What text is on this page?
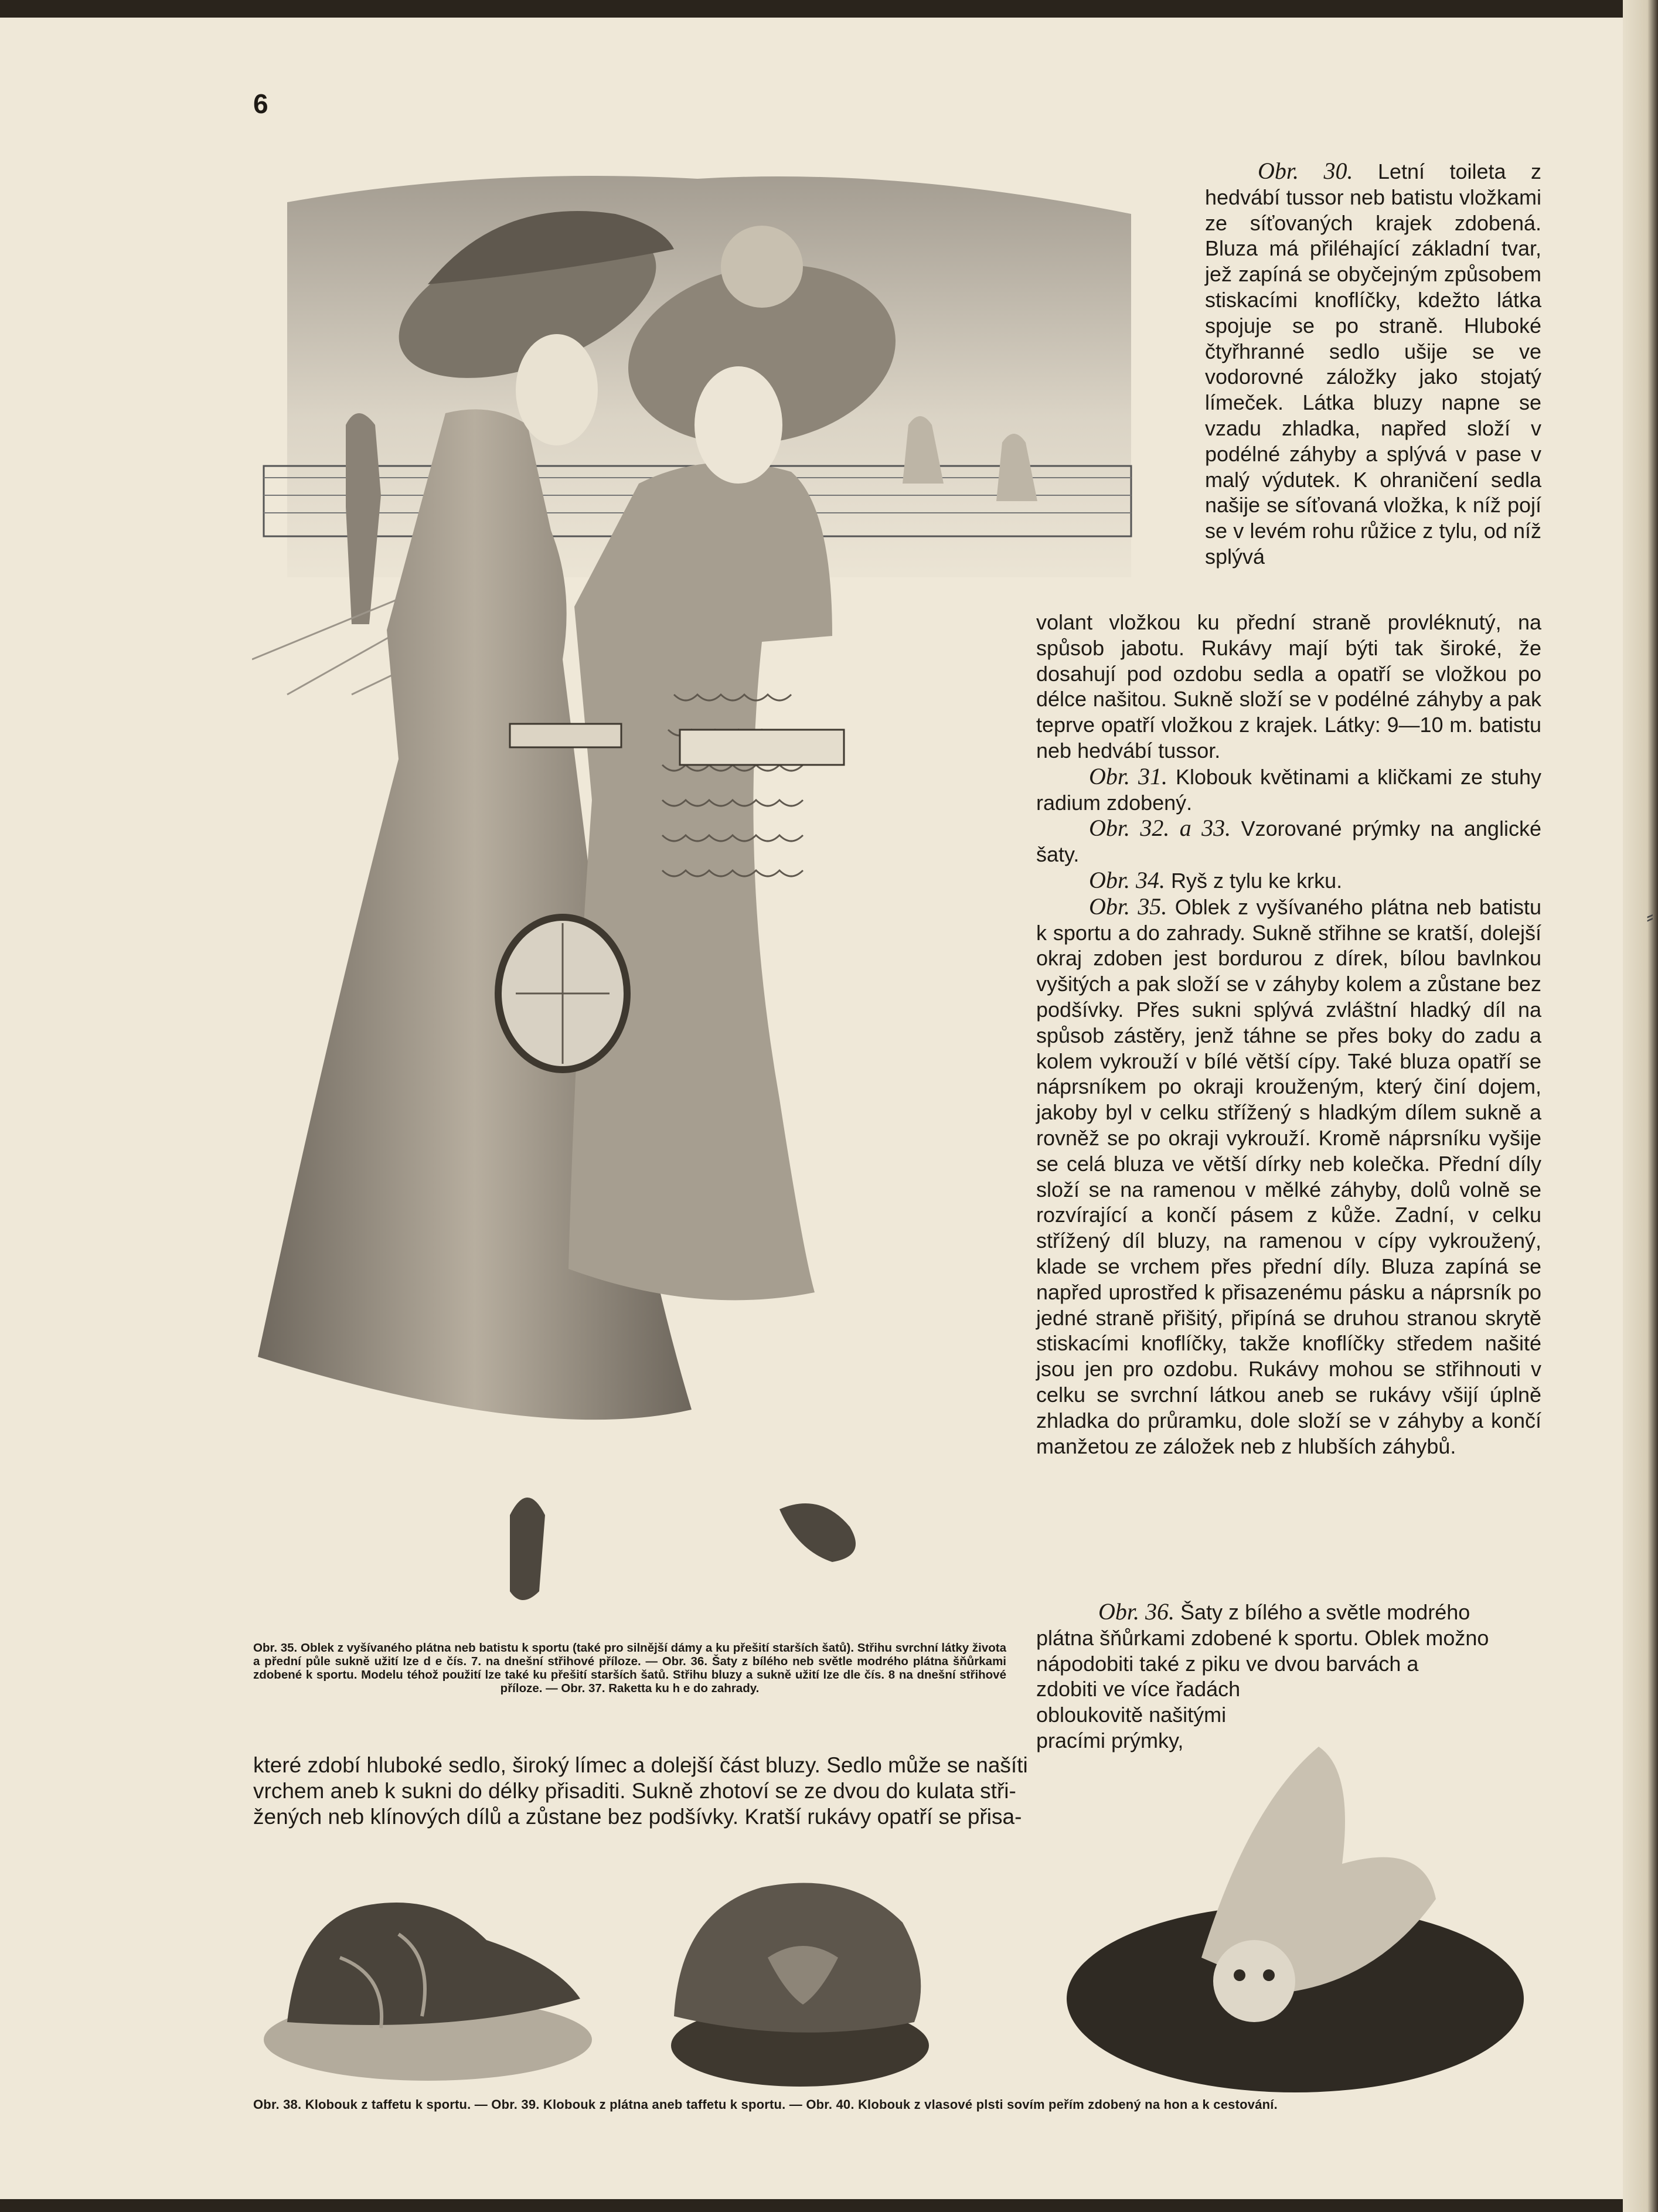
⸗
6

Obr. 30. Letní toileta z hedvábí tussor neb batistu vložkami ze síťovaných krajek zdobená. Bluza má přiléhající základní tvar, jež zapíná se obyčejným způsobem stiskacími knoflíčky, kdežto látka spojuje se po straně. Hluboké čtyřhranné sedlo ušije se ve vodorovné záložky jako stojatý límeček. Látka bluzy napne se vzadu zhladka, napřed složí v podélné záhyby a splývá v pase v malý výdutek. K ohraničení sedla našije se síťovaná vložka, k níž pojí se v levém rohu růžice z tylu, od níž splývá

volant vložkou ku přední straně provléknutý, na spůsob jabotu. Rukávy mají býti tak široké, že dosahují pod ozdobu sedla a opatří se vložkou po délce našitou. Sukně složí se v podélné záhyby a pak teprve opatří vložkou z krajek. Látky: 9—10 m. batistu neb hedvábí tussor.

Obr. 31. Klobouk květinami a kličkami ze stuhy radium zdobený.

Obr. 32. a 33. Vzorované prýmky na anglické šaty.

Obr. 34. Ryš z tylu ke krku.

Obr. 35. Oblek z vyšívaného plátna neb batistu k sportu a do zahrady. Sukně střihne se kratší, dolejší okraj zdoben jest bordurou z dírek, bílou bavlnkou vyšitých a pak složí se v záhyby kolem a zůstane bez podšívky. Přes sukni splývá zvláštní hladký díl na spůsob zástěry, jenž táhne se přes boky do zadu a kolem vykrouží v bílé větší cípy. Také bluza opatří se náprsníkem po okraji krouženým, který činí dojem, jakoby byl v celku střížený s hladkým dílem sukně a rovněž se po okraji vykrouží. Kromě náprsníku vyšije se celá bluza ve větší dírky neb kolečka. Přední díly složí se na ramenou v mělké záhyby, dolů volně se rozvírající a končí pásem z kůže. Zadní, v celku střížený díl bluzy, na ramenou v cípy vykroužený, klade se vrchem přes přední díly. Bluza zapíná se napřed uprostřed k přisazenému pásku a náprsník po jedné straně přišitý, připíná se druhou stranou skrytě stiskacími knoflíčky, takže knoflíčky středem našité jsou jen pro ozdobu. Rukávy mohou se střihnouti v celku se svrchní látkou aneb se rukávy všijí úplně zhladka do průramku, dole složí se v záhyby a končí manžetou ze záložek neb z hlubších záhybů.

Obr. 36. Šaty z bílého a světle modrého
plátna šňůrkami zdobené k sportu. Oblek možno
nápodobiti také z piku ve dvou barvách a
zdobiti ve více řadách
obloukovitě našitými
pracími prýmky,
Obr. 35. Oblek z vyšívaného plátna neb batistu k sportu (také pro silnější dámy a ku přešití starších šatů). Střihu svrchní látky života a přední půle sukně užití lze d e čís. 7. na dnešní střihové příloze. — Obr. 36. Šaty z bílého neb světle modrého plátna šňůrkami zdobené k sportu. Modelu téhož použití lze také ku přešití starších šatů. Střihu bluzy a sukně užití lze dle čís. 8 na dnešní střihové příloze. — Obr. 37. Raketta ku h e do zahrady.
které zdobí hluboké sedlo, široký límec a dolejší část bluzy. Sedlo může se našíti
vrchem aneb k sukni do délky přisaditi. Sukně zhotoví se ze dvou do kulata stři-
žených neb klínových dílů a zůstane bez podšívky. Kratší rukávy opatří se přisa-
Obr. 38. Klobouk z taffetu k sportu. — Obr. 39. Klobouk z plátna aneb taffetu k sportu. — Obr. 40. Klobouk z vlasové plsti sovím peřím zdobený na hon a k cestování.
